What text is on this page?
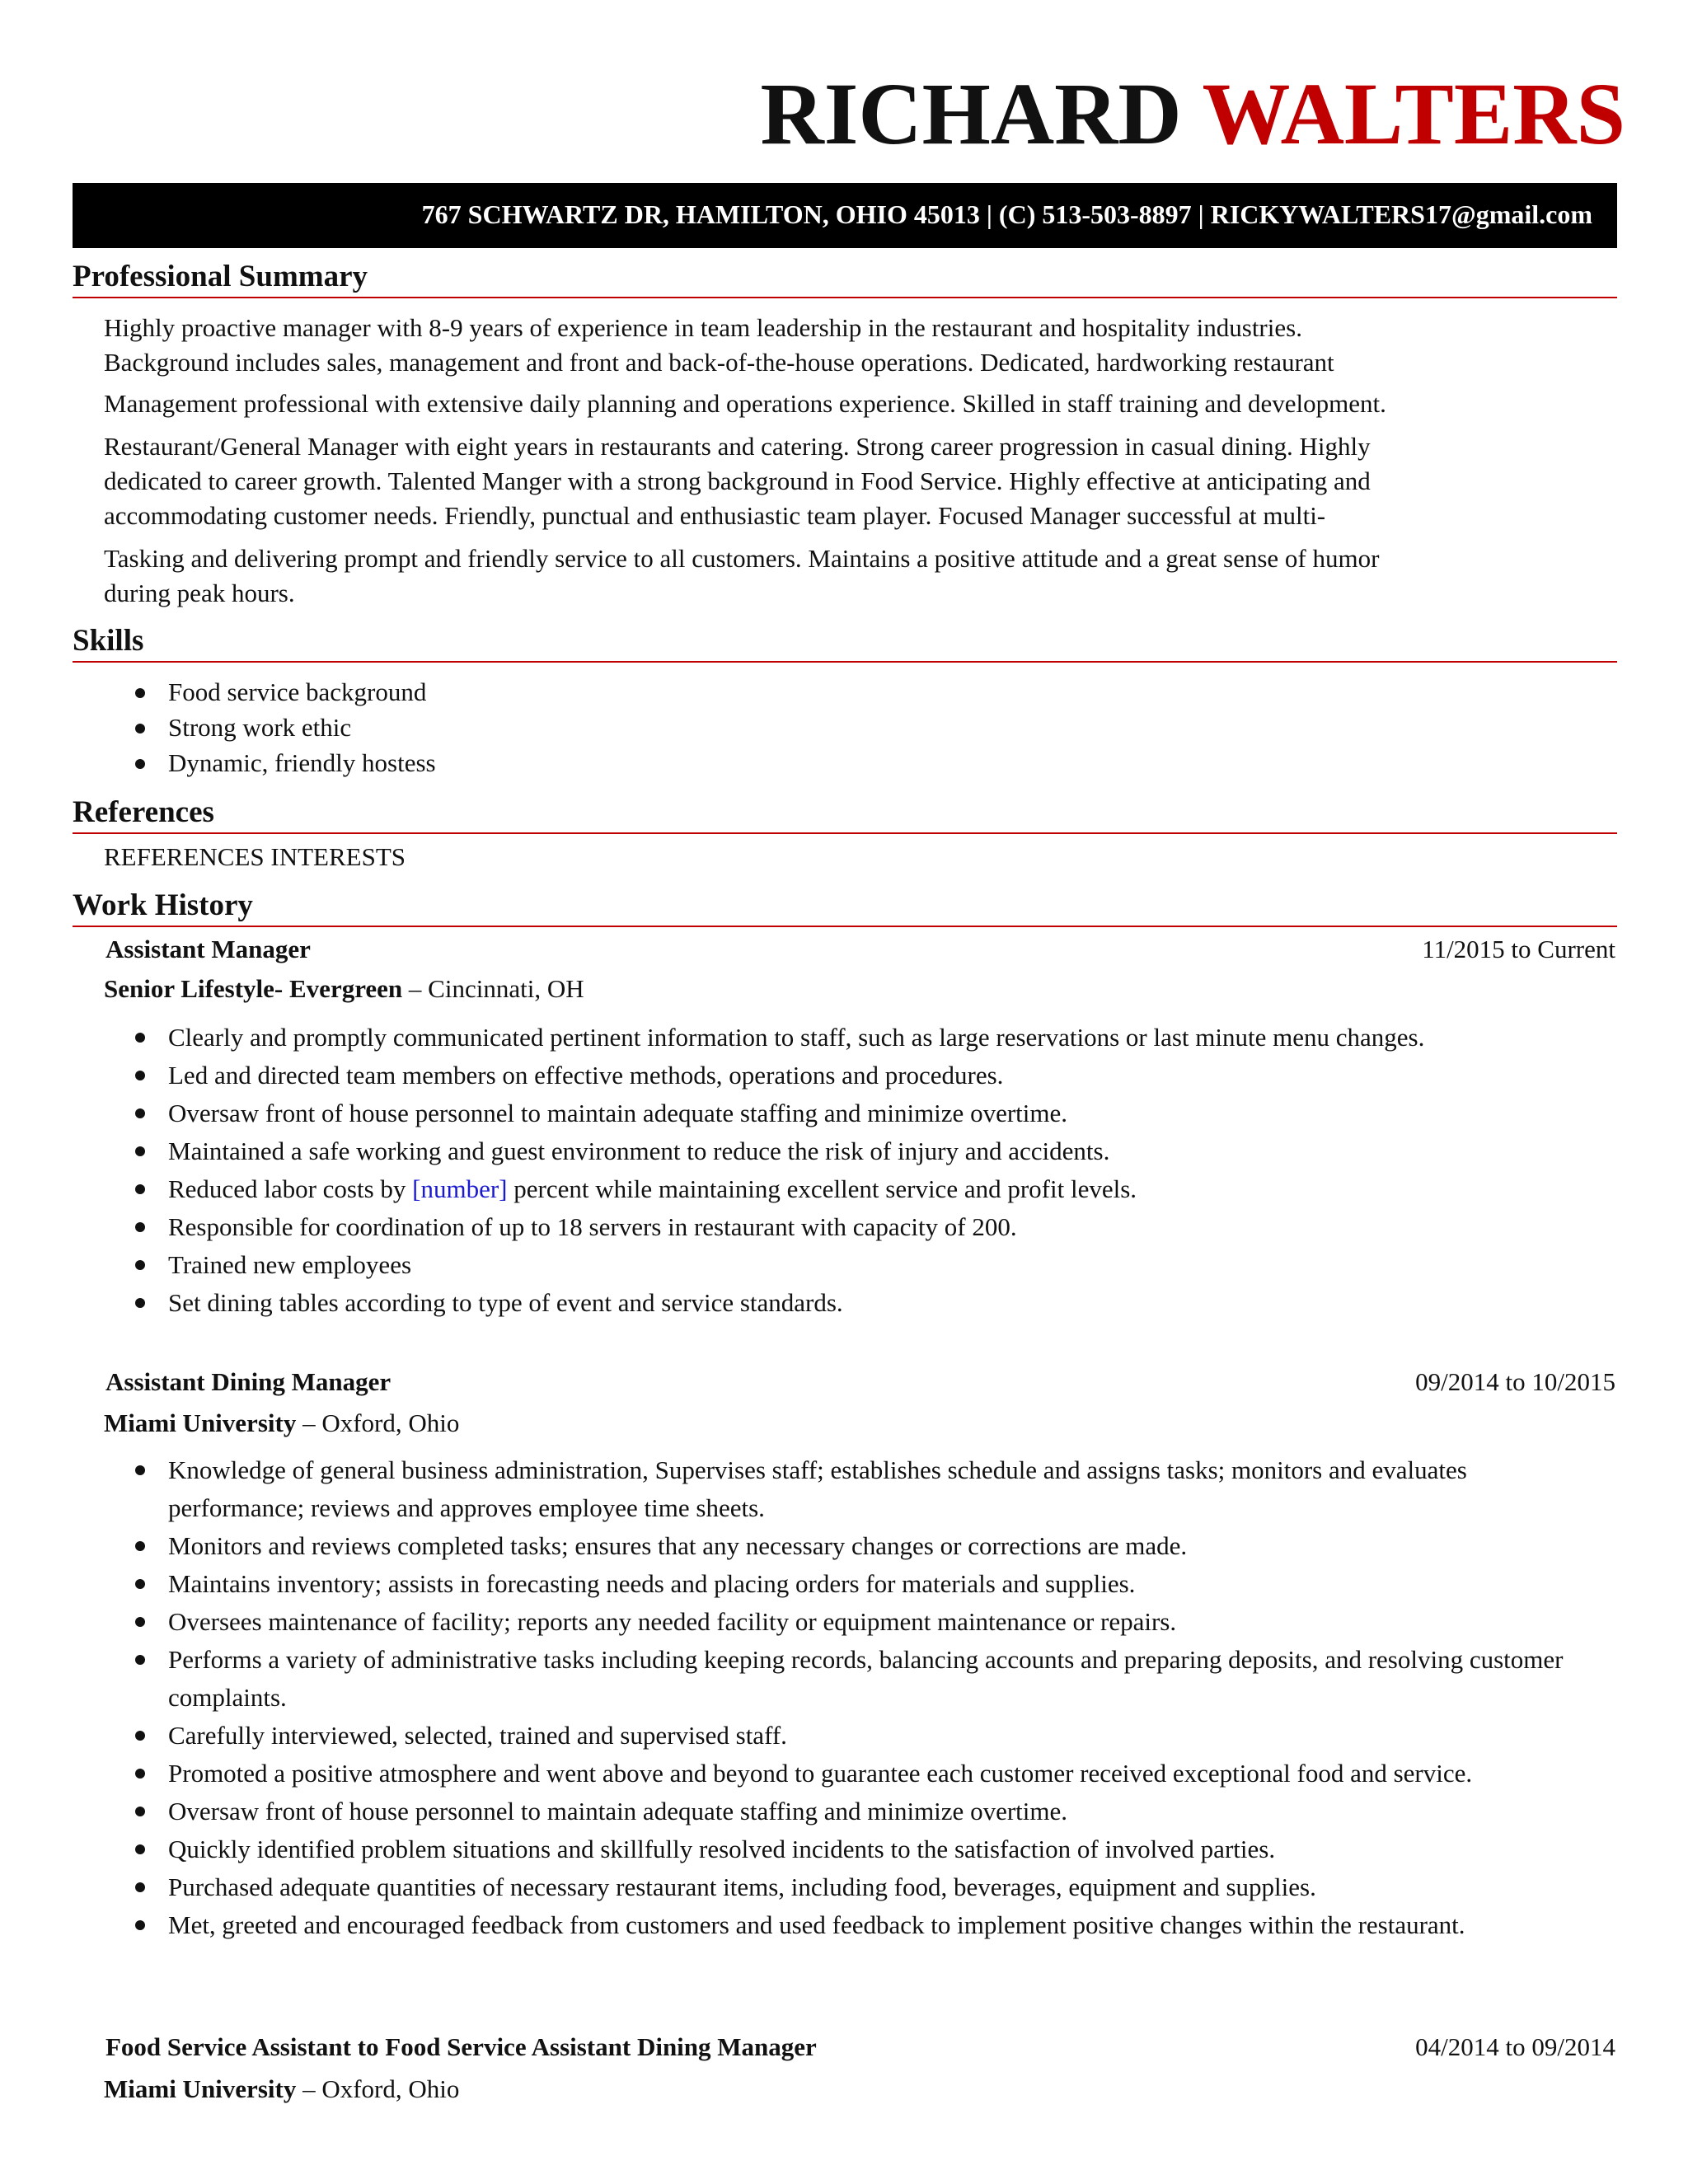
RICHARD WALTERS
767 SCHWARTZ DR, HAMILTON, OHIO 45013 | (C) 513-503-8897 | RICKYWALTERS17@gmail.com
Professional Summary

Highly proactive manager with 8-9 years of experience in team leadership in the restaurant and hospitality industries.

Background includes sales, management and front and back-of-the-house operations. Dedicated, hardworking restaurant

Management professional with extensive daily planning and operations experience. Skilled in staff training and development.

Restaurant/General Manager with eight years in restaurants and catering. Strong career progression in casual dining. Highly

dedicated to career growth. Talented Manger with a strong background in Food Service. Highly effective at anticipating and

accommodating customer needs. Friendly, punctual and enthusiastic team player. Focused Manager successful at multi-

Tasking and delivering prompt and friendly service to all customers. Maintains a positive attitude and a great sense of humor

during peak hours.

Skills
Food service background
Strong work ethic
Dynamic, friendly hostess
References
REFERENCES INTERESTS
Work History
Assistant Manager	11/2015 to Current
Senior Lifestyle- Evergreen – Cincinnati, OH
Clearly and promptly communicated pertinent information to staff, such as large reservations or last minute menu changes.
Led and directed team members on effective methods, operations and procedures.
Oversaw front of house personnel to maintain adequate staffing and minimize overtime.
Maintained a safe working and guest environment to reduce the risk of injury and accidents.
Reduced labor costs by [number] percent while maintaining excellent service and profit levels.
Responsible for coordination of up to 18 servers in restaurant with capacity of 200.
Trained new employees
Set dining tables according to type of event and service standards.
Assistant Dining Manager	09/2014 to 10/2015
Miami University – Oxford, Ohio
Knowledge of general business administration, Supervises staff; establishes schedule and assigns tasks; monitors and evaluates performance; reviews and approves employee time sheets.
Monitors and reviews completed tasks; ensures that any necessary changes or corrections are made.
Maintains inventory; assists in forecasting needs and placing orders for materials and supplies.
Oversees maintenance of facility; reports any needed facility or equipment maintenance or repairs.
Performs a variety of administrative tasks including keeping records, balancing accounts and preparing deposits, and resolving customer complaints.
Carefully interviewed, selected, trained and supervised staff.
Promoted a positive atmosphere and went above and beyond to guarantee each customer received exceptional food and service.
Oversaw front of house personnel to maintain adequate staffing and minimize overtime.
Quickly identified problem situations and skillfully resolved incidents to the satisfaction of involved parties.
Purchased adequate quantities of necessary restaurant items, including food, beverages, equipment and supplies.
Met, greeted and encouraged feedback from customers and used feedback to implement positive changes within the restaurant.
Food Service Assistant to Food Service Assistant Dining Manager	04/2014 to 09/2014
Miami University – Oxford, Ohio
